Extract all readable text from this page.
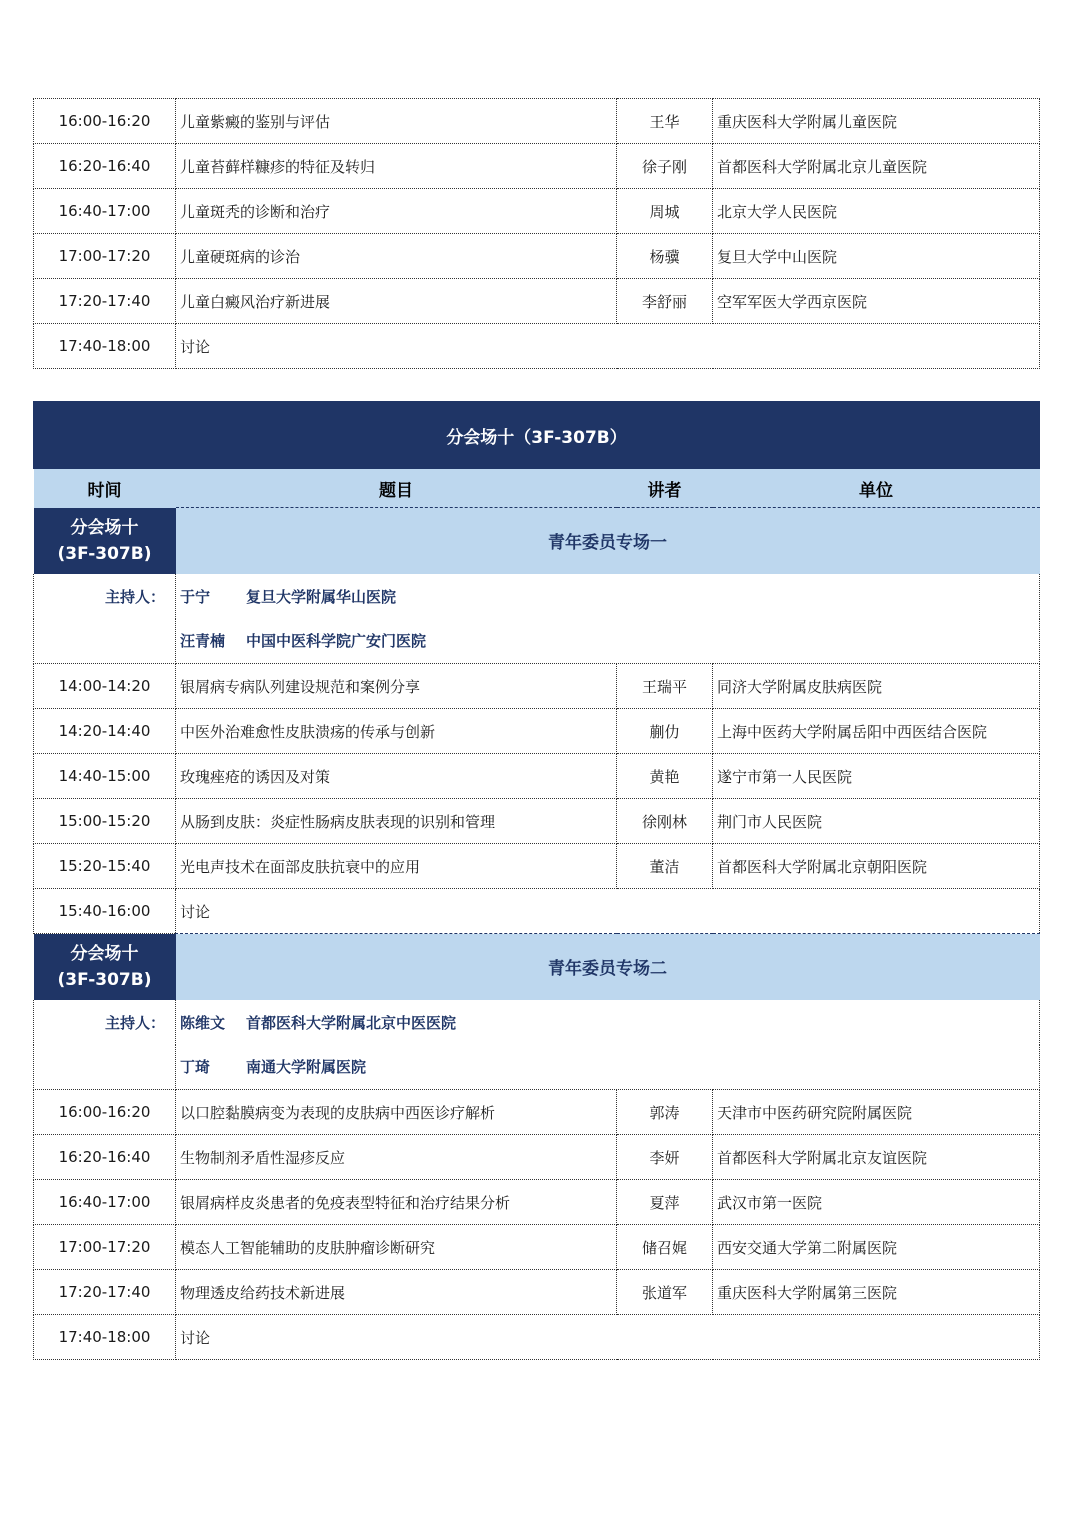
16:00-16:20	儿童紫癜的鉴别与评估	王华	重庆医科大学附属儿童医院
16:20-16:40	儿童苔藓样糠疹的特征及转归	徐子刚	首都医科大学附属北京儿童医院
16:40-17:00	儿童斑秃的诊断和治疗	周城	北京大学人民医院
17:00-17:20	儿童硬斑病的诊治	杨骥	复旦大学中山医院
17:20-17:40	儿童白癜风治疗新进展	李舒丽	空军军医大学西京医院
17:40-18:00	讨论		
分会场十（3F-307B）			
时间	题目	讲者	单位

分会场十
(3F-307B)	青年委员专场一		
主持人：	于宁 复旦大学附属华山医院		
	汪青楠 中国中医科学院广安门医院		
14:00-14:20	银屑病专病队列建设规范和案例分享	王瑞平	同济大学附属皮肤病医院
14:20-14:40	中医外治难愈性皮肤溃疡的传承与创新	蒯仂	上海中医药大学附属岳阳中西医结合医院
14:40-15:00	玫瑰痤疮的诱因及对策	黄艳	遂宁市第一人民医院
15:00-15:20	从肠到皮肤：炎症性肠病皮肤表现的识别和管理	徐刚林	荆门市人民医院
15:20-15:40	光电声技术在面部皮肤抗衰中的应用	董洁	首都医科大学附属北京朝阳医院
15:40-16:00	讨论		

分会场十
(3F-307B)	青年委员专场二		
主持人：	陈维文 首都医科大学附属北京中医医院		
	丁琦 南通大学附属医院		
16:00-16:20	以口腔黏膜病变为表现的皮肤病中西医诊疗解析	郭涛	天津市中医药研究院附属医院
16:20-16:40	生物制剂矛盾性湿疹反应	李妍	首都医科大学附属北京友谊医院
16:40-17:00	银屑病样皮炎患者的免疫表型特征和治疗结果分析	夏萍	武汉市第一医院
17:00-17:20	模态人工智能辅助的皮肤肿瘤诊断研究	储召娓	西安交通大学第二附属医院
17:20-17:40	物理透皮给药技术新进展	张道军	重庆医科大学附属第三医院
17:40-18:00	讨论		
